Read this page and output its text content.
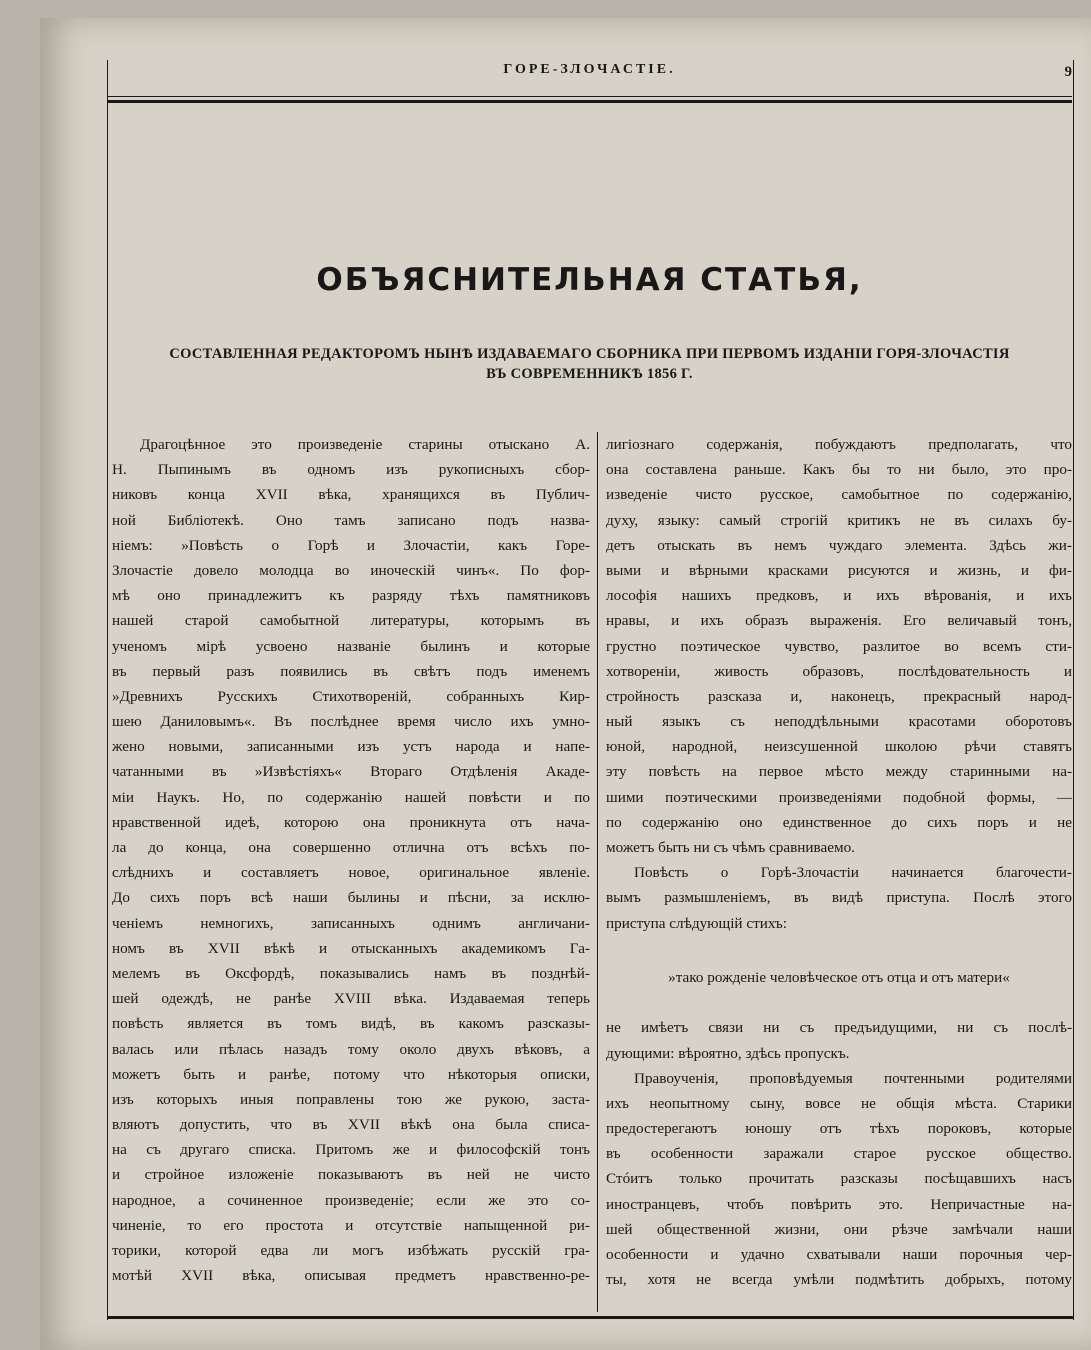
ГОРЕ-ЗЛОЧАСТІЕ.	9
ОБЪЯСНИТЕЛЬНАЯ СТАТЬЯ,
СОСТАВЛЕННАЯ РЕДАКТОРОМЪ НЫНѢ ИЗДАВАЕМАГО СБОРНИКА ПРИ ПЕРВОМЪ ИЗДАНІИ ГОРЯ-ЗЛОЧАСТІЯ
ВЪ СОВРЕМЕННИКѢ 1856 Г.
Драгоцѣнное это произведеніе старины отыскано А.
Н. Пыпинымъ въ одномъ изъ рукописныхъ сбор-
никовъ конца XVII вѣка, хранящихся въ Публич-
ной Библіотекѣ. Оно тамъ записано подъ назва-
ніемъ: »Повѣсть о Горѣ и Злочастіи, какъ Горе-
Злочастіе довело молодца во иноческій чинъ«. По фор-
мѣ оно принадлежитъ къ разряду тѣхъ памятниковъ
нашей старой самобытной литературы, которымъ въ
ученомъ мірѣ усвоено названіе былинъ и которые
въ первый разъ появились въ свѣтъ подъ именемъ
»Древнихъ Русскихъ Стихотвореній, собранныхъ Кир-
шею Даниловымъ«. Въ послѣднее время число ихъ умно-
жено новыми, записанными изъ устъ народа и напе-
чатанными въ »Извѣстіяхъ« Втораго Отдѣленія Акаде-
міи Наукъ. Но, по содержанію нашей повѣсти и по
нравственной идеѣ, которою она проникнута отъ нача-
ла до конца, она совершенно отлична отъ всѣхъ по-
слѣднихъ и составляетъ новое, оригинальное явленіе.
До сихъ поръ всѣ наши былины и пѣсни, за исклю-
ченіемъ немногихъ, записанныхъ однимъ англичани-
номъ въ XVII вѣкѣ и отысканныхъ академикомъ Га-
мелемъ въ Оксфордѣ, показывались намъ въ позднѣй-
шей одеждѣ, не ранѣе XVIII вѣка. Издаваемая теперь
повѣсть является въ томъ видѣ, въ какомъ разсказы-
валась или пѣлась назадъ тому около двухъ вѣковъ, а
можетъ быть и ранѣе, потому что нѣкоторыя описки,
изъ которыхъ иныя поправлены тою же рукою, заста-
вляютъ допустить, что въ XVII вѣкѣ она была списа-
на съ другаго списка. Притомъ же и философскій тонъ
и стройное изложеніе показываютъ въ ней не чисто
народное, а сочиненное произведеніе; если же это со-
чиненіе, то его простота и отсутствіе напыщенной ри-
торики, которой едва ли могъ избѣжать русскій гра-
мотѣй XVII вѣка, описывая предметъ нравственно-ре-
лигіознаго содержанія, побуждаютъ предполагать, что
она составлена раньше. Какъ бы то ни было, это про-
изведеніе чисто русское, самобытное по содержанію,
духу, языку: самый строгій критикъ не въ силахъ бу-
детъ отыскать въ немъ чуждаго элемента. Здѣсь жи-
выми и вѣрными красками рисуются и жизнь, и фи-
лософія нашихъ предковъ, и ихъ вѣрованія, и ихъ
нравы, и ихъ образъ выраженія. Его величавый тонъ,
грустно поэтическое чувство, разлитое во всемъ сти-
хотвореніи, живость образовъ, послѣдовательность и
стройность разсказа и, наконецъ, прекрасный народ-
ный языкъ съ неподдѣльными красотами оборотовъ
юной, народной, неизсушенной школою рѣчи ставятъ
эту повѣсть на первое мѣсто между старинными на-
шими поэтическими произведеніями подобной формы, —
по содержанію оно единственное до сихъ поръ и не
можетъ быть ни съ чѣмъ сравниваемо.
Повѣсть о Горѣ-Злочастіи начинается благочести-
вымъ размышленіемъ, въ видѣ приступа. Послѣ этого
приступа слѣдующій стихъ:
»тако рожденіе человѣческое отъ отца и отъ матери«
не имѣетъ связи ни съ предъидущими, ни съ послѣ-
дующими: вѣроятно, здѣсь пропускъ.
Правоученія, проповѣдуемыя почтенными родителями
ихъ неопытному сыну, вовсе не общія мѣста. Старики
предостерегаютъ юношу отъ тѣхъ пороковъ, которые
въ особенности заражали старое русское общество.
Стóитъ только прочитать разсказы посѣщавшихъ насъ
иностранцевъ, чтобъ повѣрить это. Непричастные на-
шей общественной жизни, они рѣзче замѣчали наши
особенности и удачно схватывали наши порочныя чер-
ты, хотя не всегда умѣли подмѣтить добрыхъ, потому
